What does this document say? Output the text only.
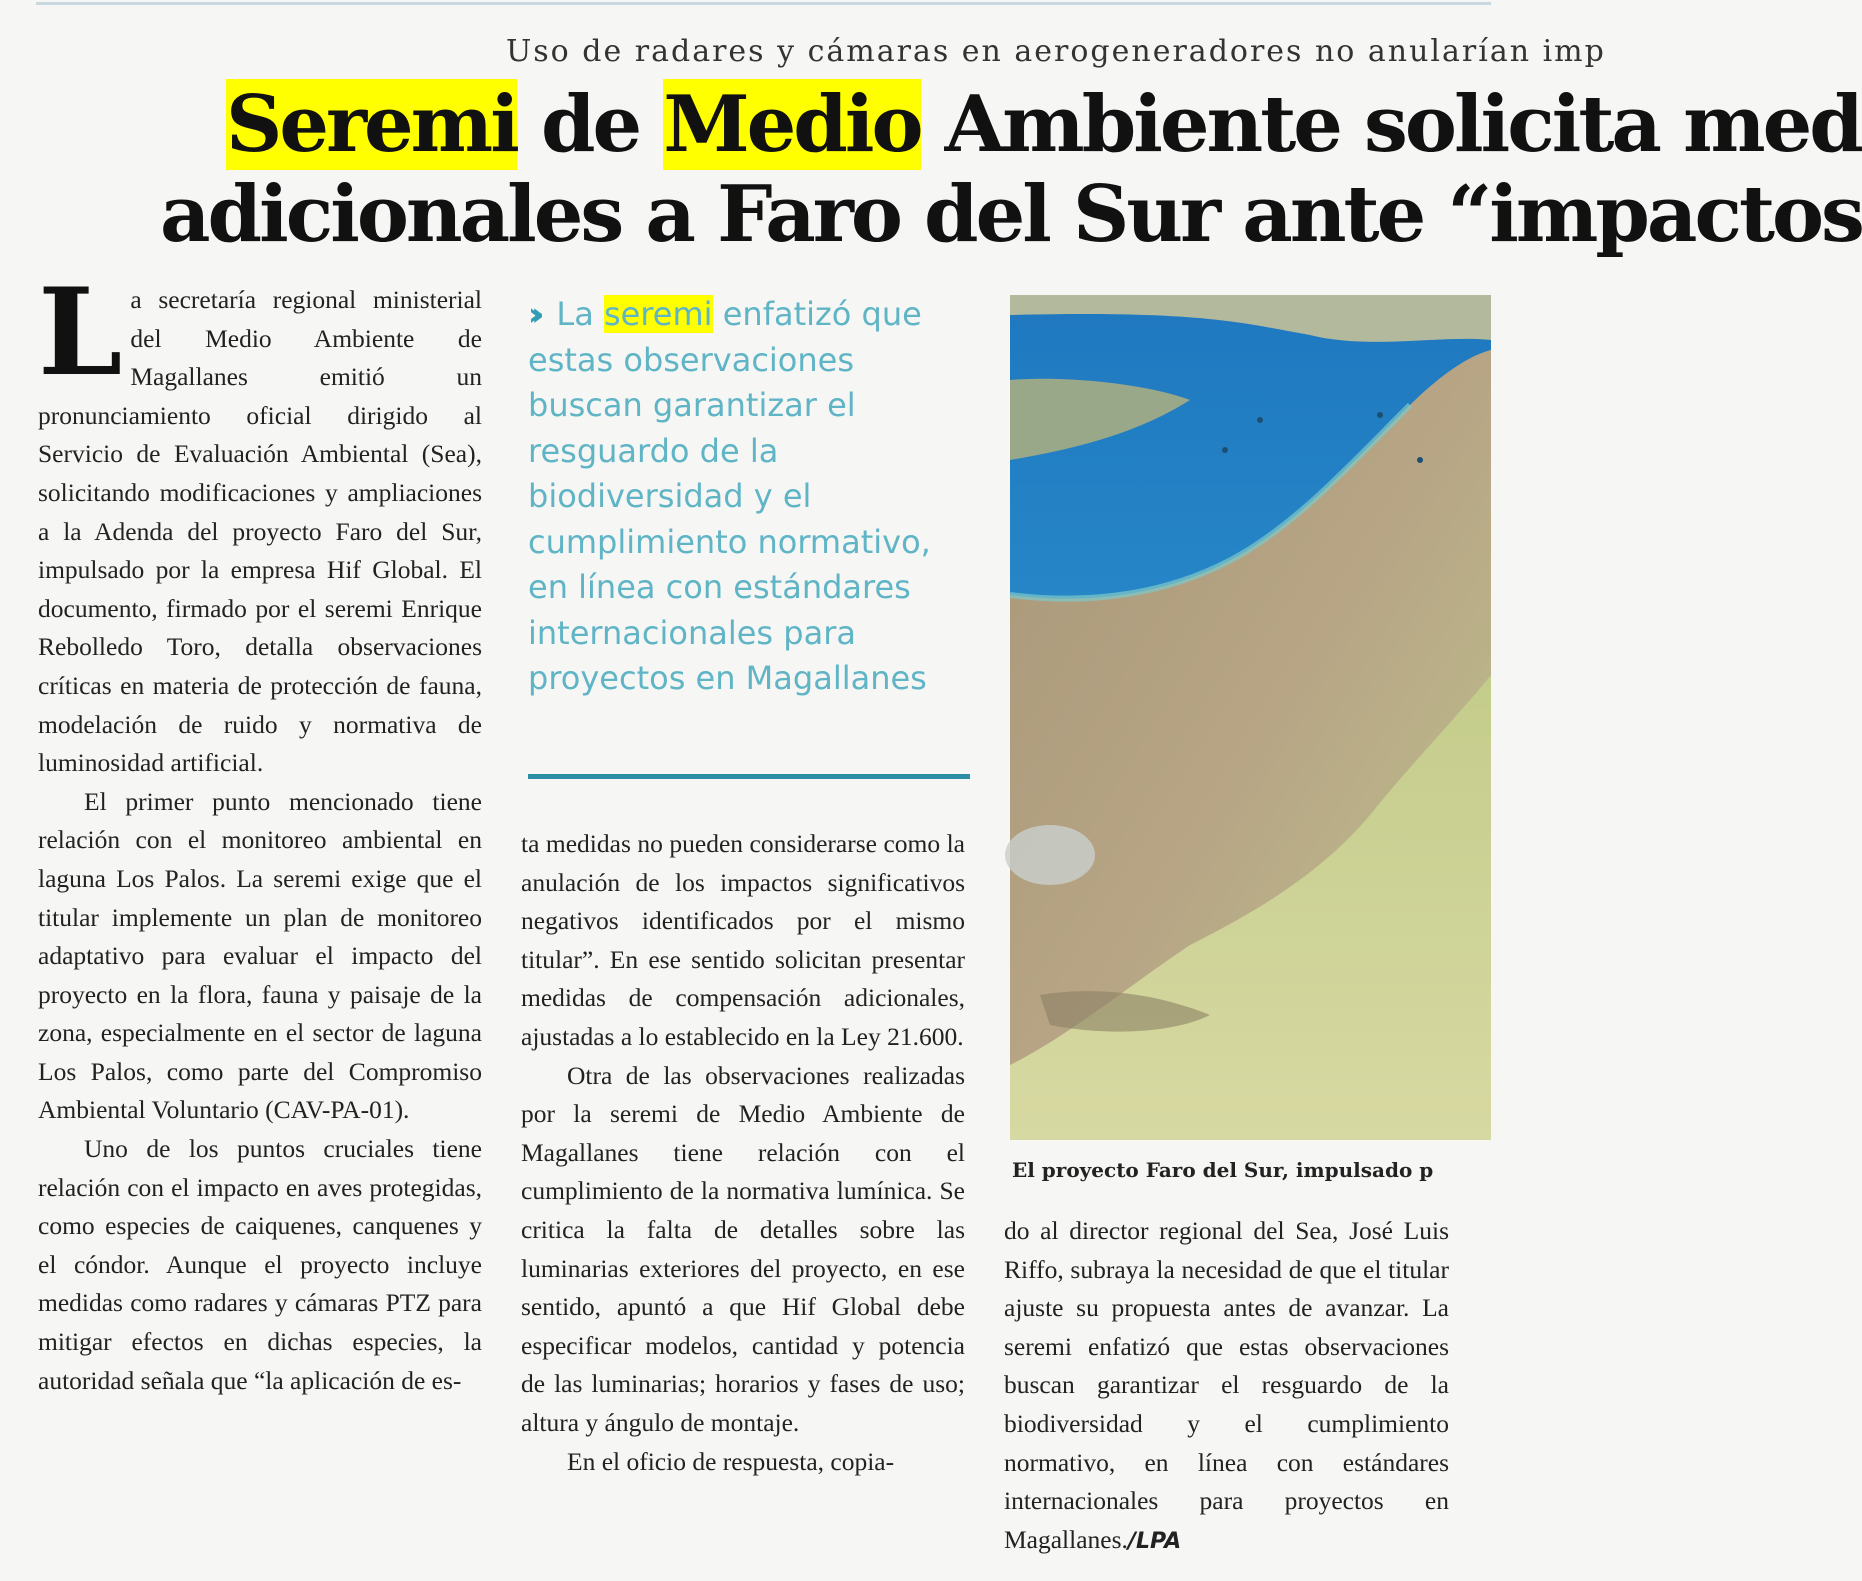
Uso de radares y cámaras en aerogeneradores no anularían imp
Seremi de Medio Ambiente solicita med
adicionales a Faro del Sur ante “impactos

La secretaría regional ministerial del Medio Ambiente de Magallanes emitió un pronunciamiento oficial dirigido al Servicio de Evaluación Ambiental (Sea), solicitando modificaciones y ampliaciones a la Adenda del proyecto Faro del Sur, impulsado por la empresa Hif Global. El documento, firmado por el seremi Enrique Rebolledo Toro, detalla observaciones críticas en materia de protección de fauna, modelación de ruido y normativa de luminosidad artificial.

El primer punto mencionado tiene relación con el monitoreo ambiental en laguna Los Palos. La seremi exige que el titular implemente un plan de monitoreo adaptativo para evaluar el impacto del proyecto en la flora, fauna y paisaje de la zona, especialmente en el sector de laguna Los Palos, como parte del Compromiso Ambiental Voluntario (CAV-PA-01).

Uno de los puntos cruciales tiene relación con el impacto en aves protegidas, como especies de caiquenes, canquenes y el cóndor. Aunque el proyecto incluye medidas como radares y cámaras PTZ para mitigar efectos en dichas especies, la autoridad señala que “la aplicación de es-

›› La seremi enfatizó que estas observaciones buscan garantizar el resguardo de la biodiversidad y el cumplimiento normativo, en línea con estándares internacionales para proyectos en Magallanes

ta medidas no pueden considerarse como la anulación de los impactos significativos negativos identificados por el mismo titular”. En ese sentido solicitan presentar medidas de compensación adicionales, ajustadas a lo establecido en la Ley 21.600.

Otra de las observaciones realizadas por la seremi de Medio Ambiente de Magallanes tiene relación con el cumplimiento de la normativa lumínica. Se critica la falta de detalles sobre las luminarias exteriores del proyecto, en ese sentido, apuntó a que Hif Global debe especificar modelos, cantidad y potencia de las luminarias; horarios y fases de uso; altura y ángulo de montaje.

En el oficio de respuesta, copia-

El proyecto Faro del Sur, impulsado p

do al director regional del Sea, José Luis Riffo, subraya la necesidad de que el titular ajuste su propuesta antes de avanzar. La seremi enfatizó que estas observaciones buscan garantizar el resguardo de la biodiversidad y el cumplimiento normativo, en línea con estándares internacionales para proyectos en Magallanes./LPA
